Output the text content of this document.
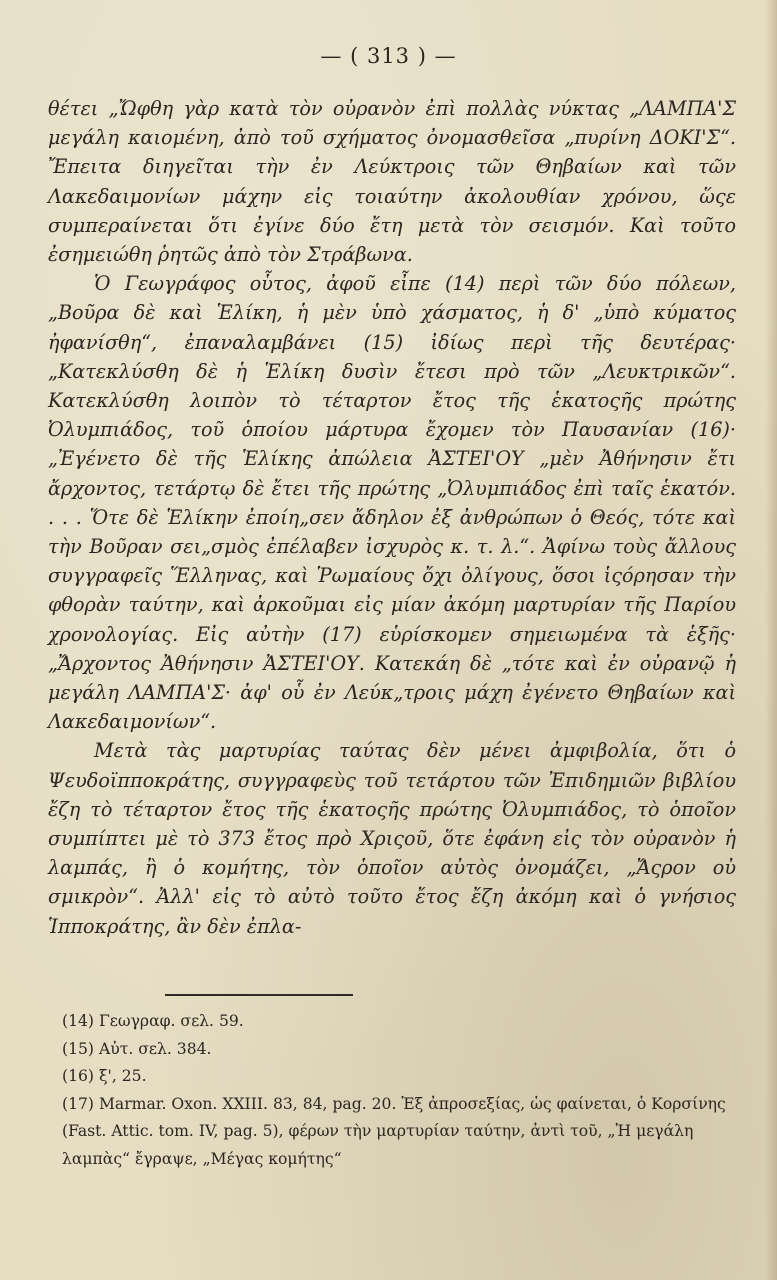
— ( 313 ) —

θέτει „Ὤφθη γὰρ κατὰ τὸν οὐρανὸν ἐπὶ πολλὰς νύκτας „ΛΑΜΠΑ'Σ μεγάλη καιομένη, ἀπὸ τοῦ σχήματος ὀνομασθεῖσα „πυρίνη ΔΟΚΙ'Σ“. Ἔπειτα διηγεῖται τὴν ἐν Λεύκτροις τῶν Θηβαίων καὶ τῶν Λακεδαιμονίων μάχην εἰς τοιαύτην ἀκολουθίαν χρόνου, ὥςε συμπεραίνεται ὅτι ἐγίνε δύο ἔτη μετὰ τὸν σεισμόν. Καὶ τοῦτο ἐσημειώθη ῥητῶς ἀπὸ τὸν Στράβωνα.

Ὁ Γεωγράφος οὗτος, ἀφοῦ εἶπε (14) περὶ τῶν δύο πόλεων, „Βοῦρα δὲ καὶ Ἑλίκη, ἡ μὲν ὑπὸ χάσματος, ἡ δ' „ὑπὸ κύματος ἠφανίσθη“, ἐπαναλαμβάνει (15) ἰδίως περὶ τῆς δευτέρας· „Κατεκλύσθη δὲ ἡ Ἑλίκη δυσὶν ἔτεσι πρὸ τῶν „Λευκτρικῶν“. Κατεκλύσθη λοιπὸν τὸ τέταρτον ἔτος τῆς ἑκατοςῆς πρώτης Ὀλυμπιάδος, τοῦ ὁποίου μάρτυρα ἔχομεν τὸν Παυσανίαν (16)· „Ἐγένετο δὲ τῆς Ἑλίκης ἀπώλεια ἈΣΤΕΙ'ΟΥ „μὲν Ἀθήνησιν ἔτι ἄρχοντος, τετάρτῳ δὲ ἔτει τῆς πρώτης „Ὀλυμπιάδος ἐπὶ ταῖς ἑκατόν. . . . Ὅτε δὲ Ἑλίκην ἐποίη„σεν ἄδηλον ἐξ ἀνθρώπων ὁ Θεός, τότε καὶ τὴν Βοῦραν σει„σμὸς ἐπέλαβεν ἰσχυρὸς κ. τ. λ.“. Ἀφίνω τοὺς ἄλλους συγγραφεῖς Ἕλληνας, καὶ Ῥωμαίους ὄχι ὀλίγους, ὅσοι ἱςόρησαν τὴν φθορὰν ταύτην, καὶ ἀρκοῦμαι εἰς μίαν ἀκόμη μαρτυρίαν τῆς Παρίου χρονολογίας. Εἰς αὐτὴν (17) εὑρίσκομεν σημειωμένα τὰ ἑξῆς· „Ἄρχοντος Ἀθήνησιν ἈΣΤΕΙ'ΟΥ. Κατεκάη δὲ „τότε καὶ ἐν οὐρανῷ ἡ μεγάλη ΛΑΜΠΑ'Σ· ἀφ' οὗ ἐν Λεύκ„τροις μάχη ἐγένετο Θηβαίων καὶ Λακεδαιμονίων“.

Μετὰ τὰς μαρτυρίας ταύτας δὲν μένει ἀμφιβολία, ὅτι ὁ Ψευδοϊπποκράτης, συγγραφεὺς τοῦ τετάρτου τῶν Ἐπιδημιῶν βιβλίου ἔζη τὸ τέταρτον ἔτος τῆς ἑκατοςῆς πρώτης Ὀλυμπιάδος, τὸ ὁποῖον συμπίπτει μὲ τὸ 373 ἔτος πρὸ Χριςοῦ, ὅτε ἐφάνη εἰς τὸν οὐρανὸν ἡ λαμπάς, ἢ ὁ κομήτης, τὸν ὁποῖον αὐτὸς ὀνομάζει, „Ἄςρον οὐ σμικρὸν“. Ἀλλ' εἰς τὸ αὐτὸ τοῦτο ἔτος ἔζη ἀκόμη καὶ ὁ γνήσιος Ἱπποκράτης, ἂν δὲν ἐπλα-

(14) Γεωγραφ. σελ. 59.
(15) Αὐτ. σελ. 384.
(16) ξ', 25.
(17) Marmar. Oxon. XXIII. 83, 84, pag. 20. Ἐξ ἀπροσεξίας, ὡς φαίνεται, ὁ Κορσίνης (Fast. Attic. tom. IV, pag. 5), φέρων τὴν μαρτυρίαν ταύτην, ἀντὶ τοῦ, „Ἡ μεγάλη λαμπὰς“ ἔγραψε, „Μέγας κομήτης“
